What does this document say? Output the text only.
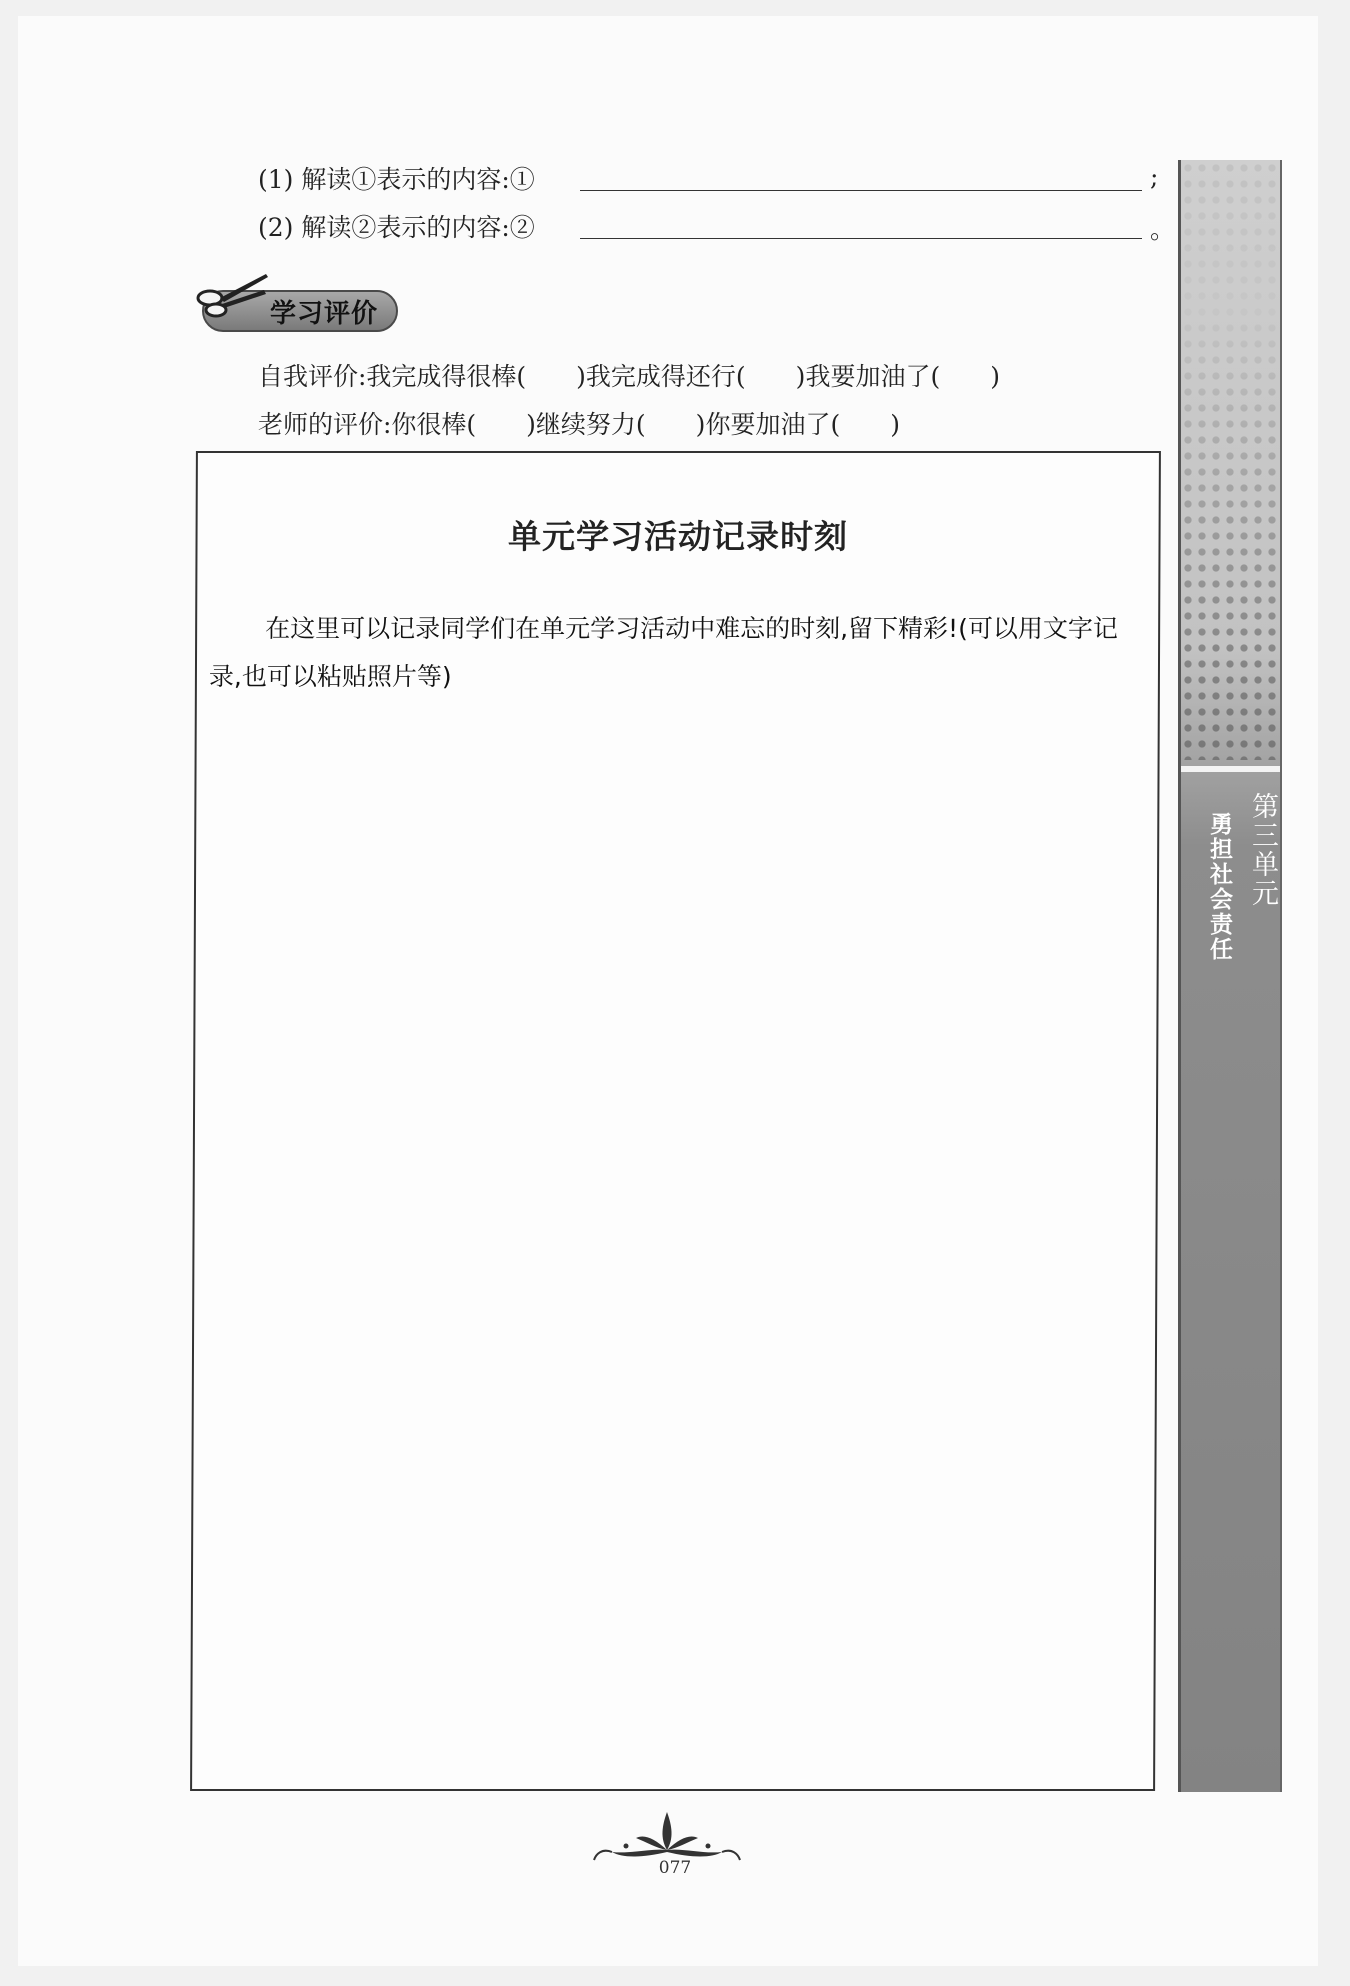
(1) 解读①表示的内容:①	;
(2) 解读②表示的内容:②	。
学习评价
自我评价:我完成得很棒(　　)我完成得还行(　　)我要加油了(　　)
老师的评价:你很棒(　　)继续努力(　　)你要加油了(　　)
单元学习活动记录时刻
在这里可以记录同学们在单元学习活动中难忘的时刻,留下精彩!(可以用文字记录,也可以粘贴照片等)
第三单元
勇担社会责任
077
